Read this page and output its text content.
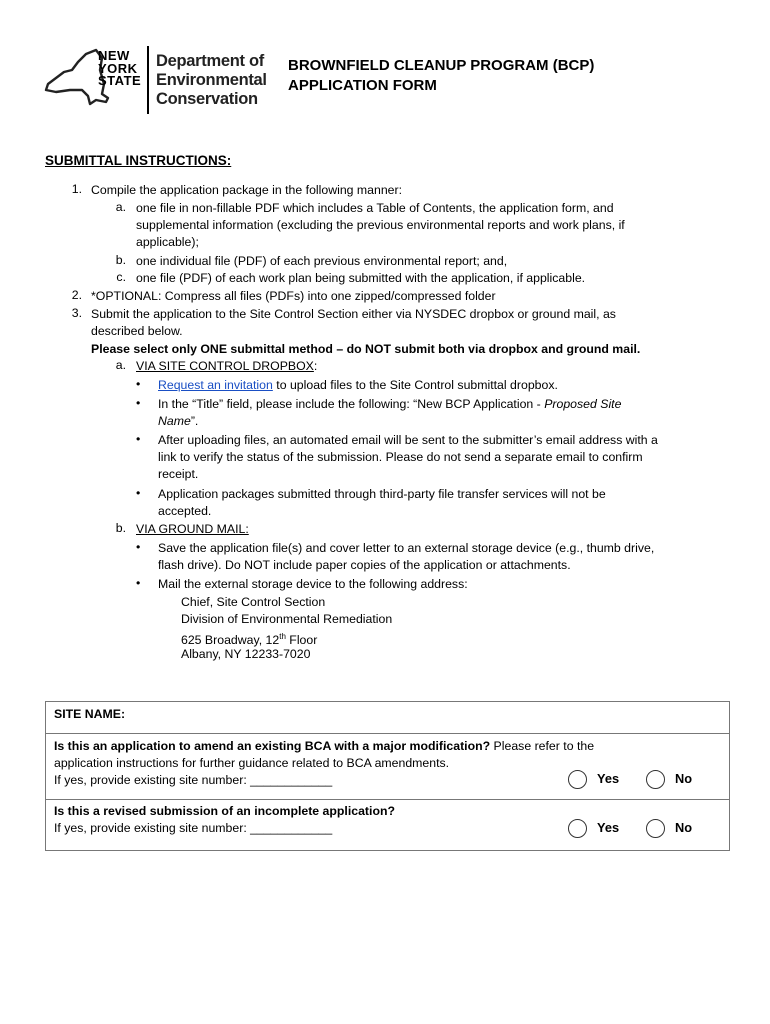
NEW
YORK
STATE
Department of
Environmental
Conservation
BROWNFIELD CLEANUP PROGRAM (BCP)
APPLICATION FORM
SUBMITTAL INSTRUCTIONS:
1. Compile the application package in the following manner:
a. one file in non-fillable PDF which includes a Table of Contents, the application form, and
supplemental information (excluding the previous environmental reports and work plans, if
applicable);
b. one individual file (PDF) of each previous environmental report; and,
c. one file (PDF) of each work plan being submitted with the application, if applicable.
2. *OPTIONAL: Compress all files (PDFs) into one zipped/compressed folder
3. Submit the application to the Site Control Section either via NYSDEC dropbox or ground mail, as
described below.
Please select only ONE submittal method – do NOT submit both via dropbox and ground mail.
a. VIA SITE CONTROL DROPBOX:
• Request an invitation to upload files to the Site Control submittal dropbox.
• In the “Title” field, please include the following: “New BCP Application - Proposed Site
Name”.
• After uploading files, an automated email will be sent to the submitter’s email address with a
link to verify the status of the submission. Please do not send a separate email to confirm
receipt.
• Application packages submitted through third-party file transfer services will not be
accepted.
b. VIA GROUND MAIL:
• Save the application file(s) and cover letter to an external storage device (e.g., thumb drive,
flash drive). Do NOT include paper copies of the application or attachments.
• Mail the external storage device to the following address:
Chief, Site Control Section
Division of Environmental Remediation
625 Broadway, 12th Floor
Albany, NY 12233-7020
SITE NAME:
Is this an application to amend an existing BCA with a major modification? Please refer to the
application instructions for further guidance related to BCA amendments.
If yes, provide existing site number: ____________	Yes	No
Is this a revised submission of an incomplete application?
If yes, provide existing site number: ____________	Yes	No
